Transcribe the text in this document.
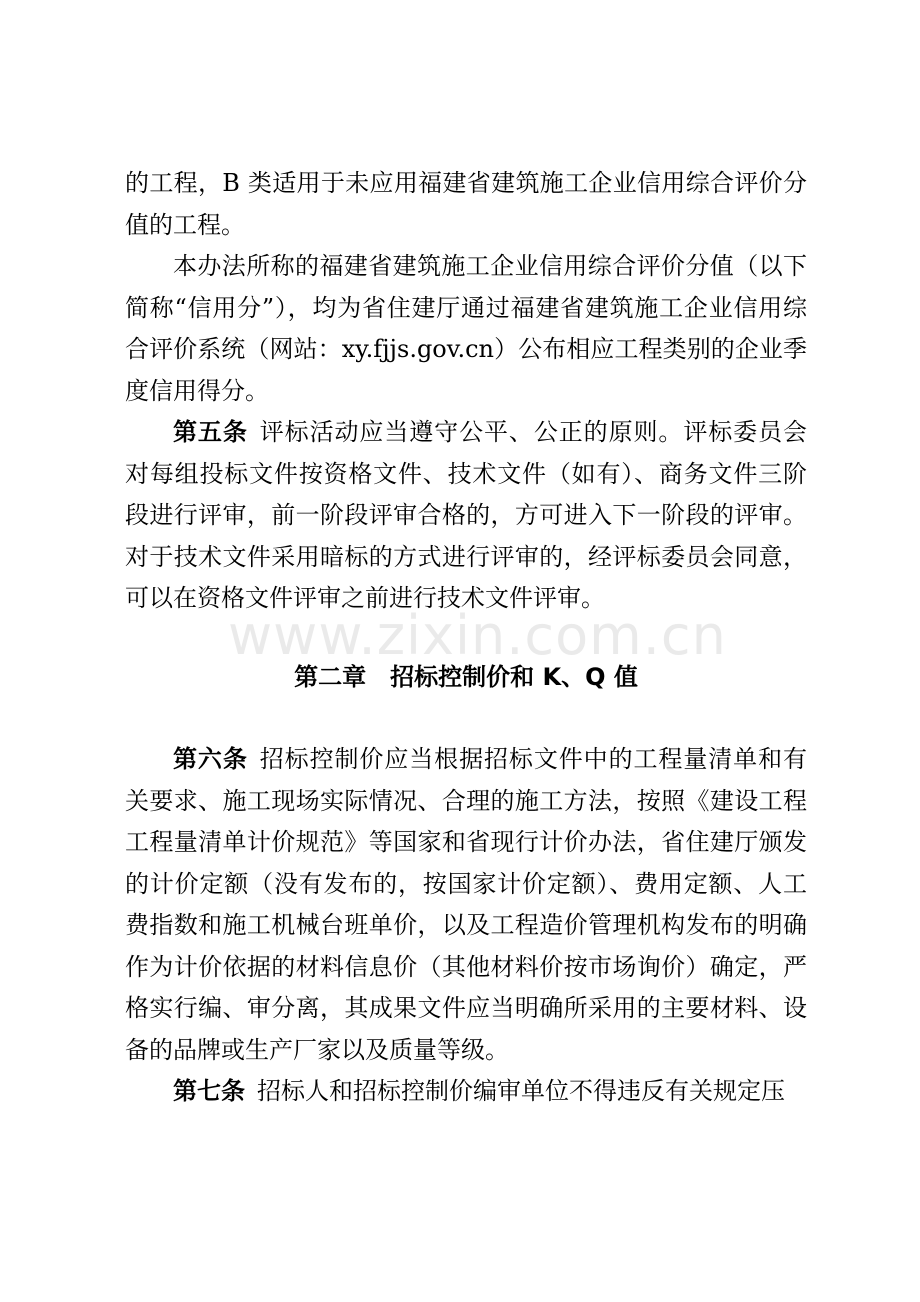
的工程，B 类适用于未应用福建省建筑施工企业信用综合评价分值的工程。

本办法所称的福建省建筑施工企业信用综合评价分值（以下简称“信用分”），均为省住建厅通过福建省建筑施工企业信用综合评价系统（网站：xy.fjjs.gov.cn）公布相应工程类别的企业季度信用得分。

第五条 评标活动应当遵守公平、公正的原则。评标委员会对每组投标文件按资格文件、技术文件（如有）、商务文件三阶段进行评审，前一阶段评审合格的，方可进入下一阶段的评审。对于技术文件采用暗标的方式进行评审的，经评标委员会同意，可以在资格文件评审之前进行技术文件评审。

第二章 招标控制价和 K、Q 值

第六条 招标控制价应当根据招标文件中的工程量清单和有关要求、施工现场实际情况、合理的施工方法，按照《建设工程工程量清单计价规范》等国家和省现行计价办法，省住建厅颁发的计价定额（没有发布的，按国家计价定额）、费用定额、人工费指数和施工机械台班单价，以及工程造价管理机构发布的明确作为计价依据的材料信息价（其他材料价按市场询价）确定，严格实行编、审分离，其成果文件应当明确所采用的主要材料、设备的品牌或生产厂家以及质量等级。

第七条 招标人和招标控制价编审单位不得违反有关规定压

www.zixin.com.cn
